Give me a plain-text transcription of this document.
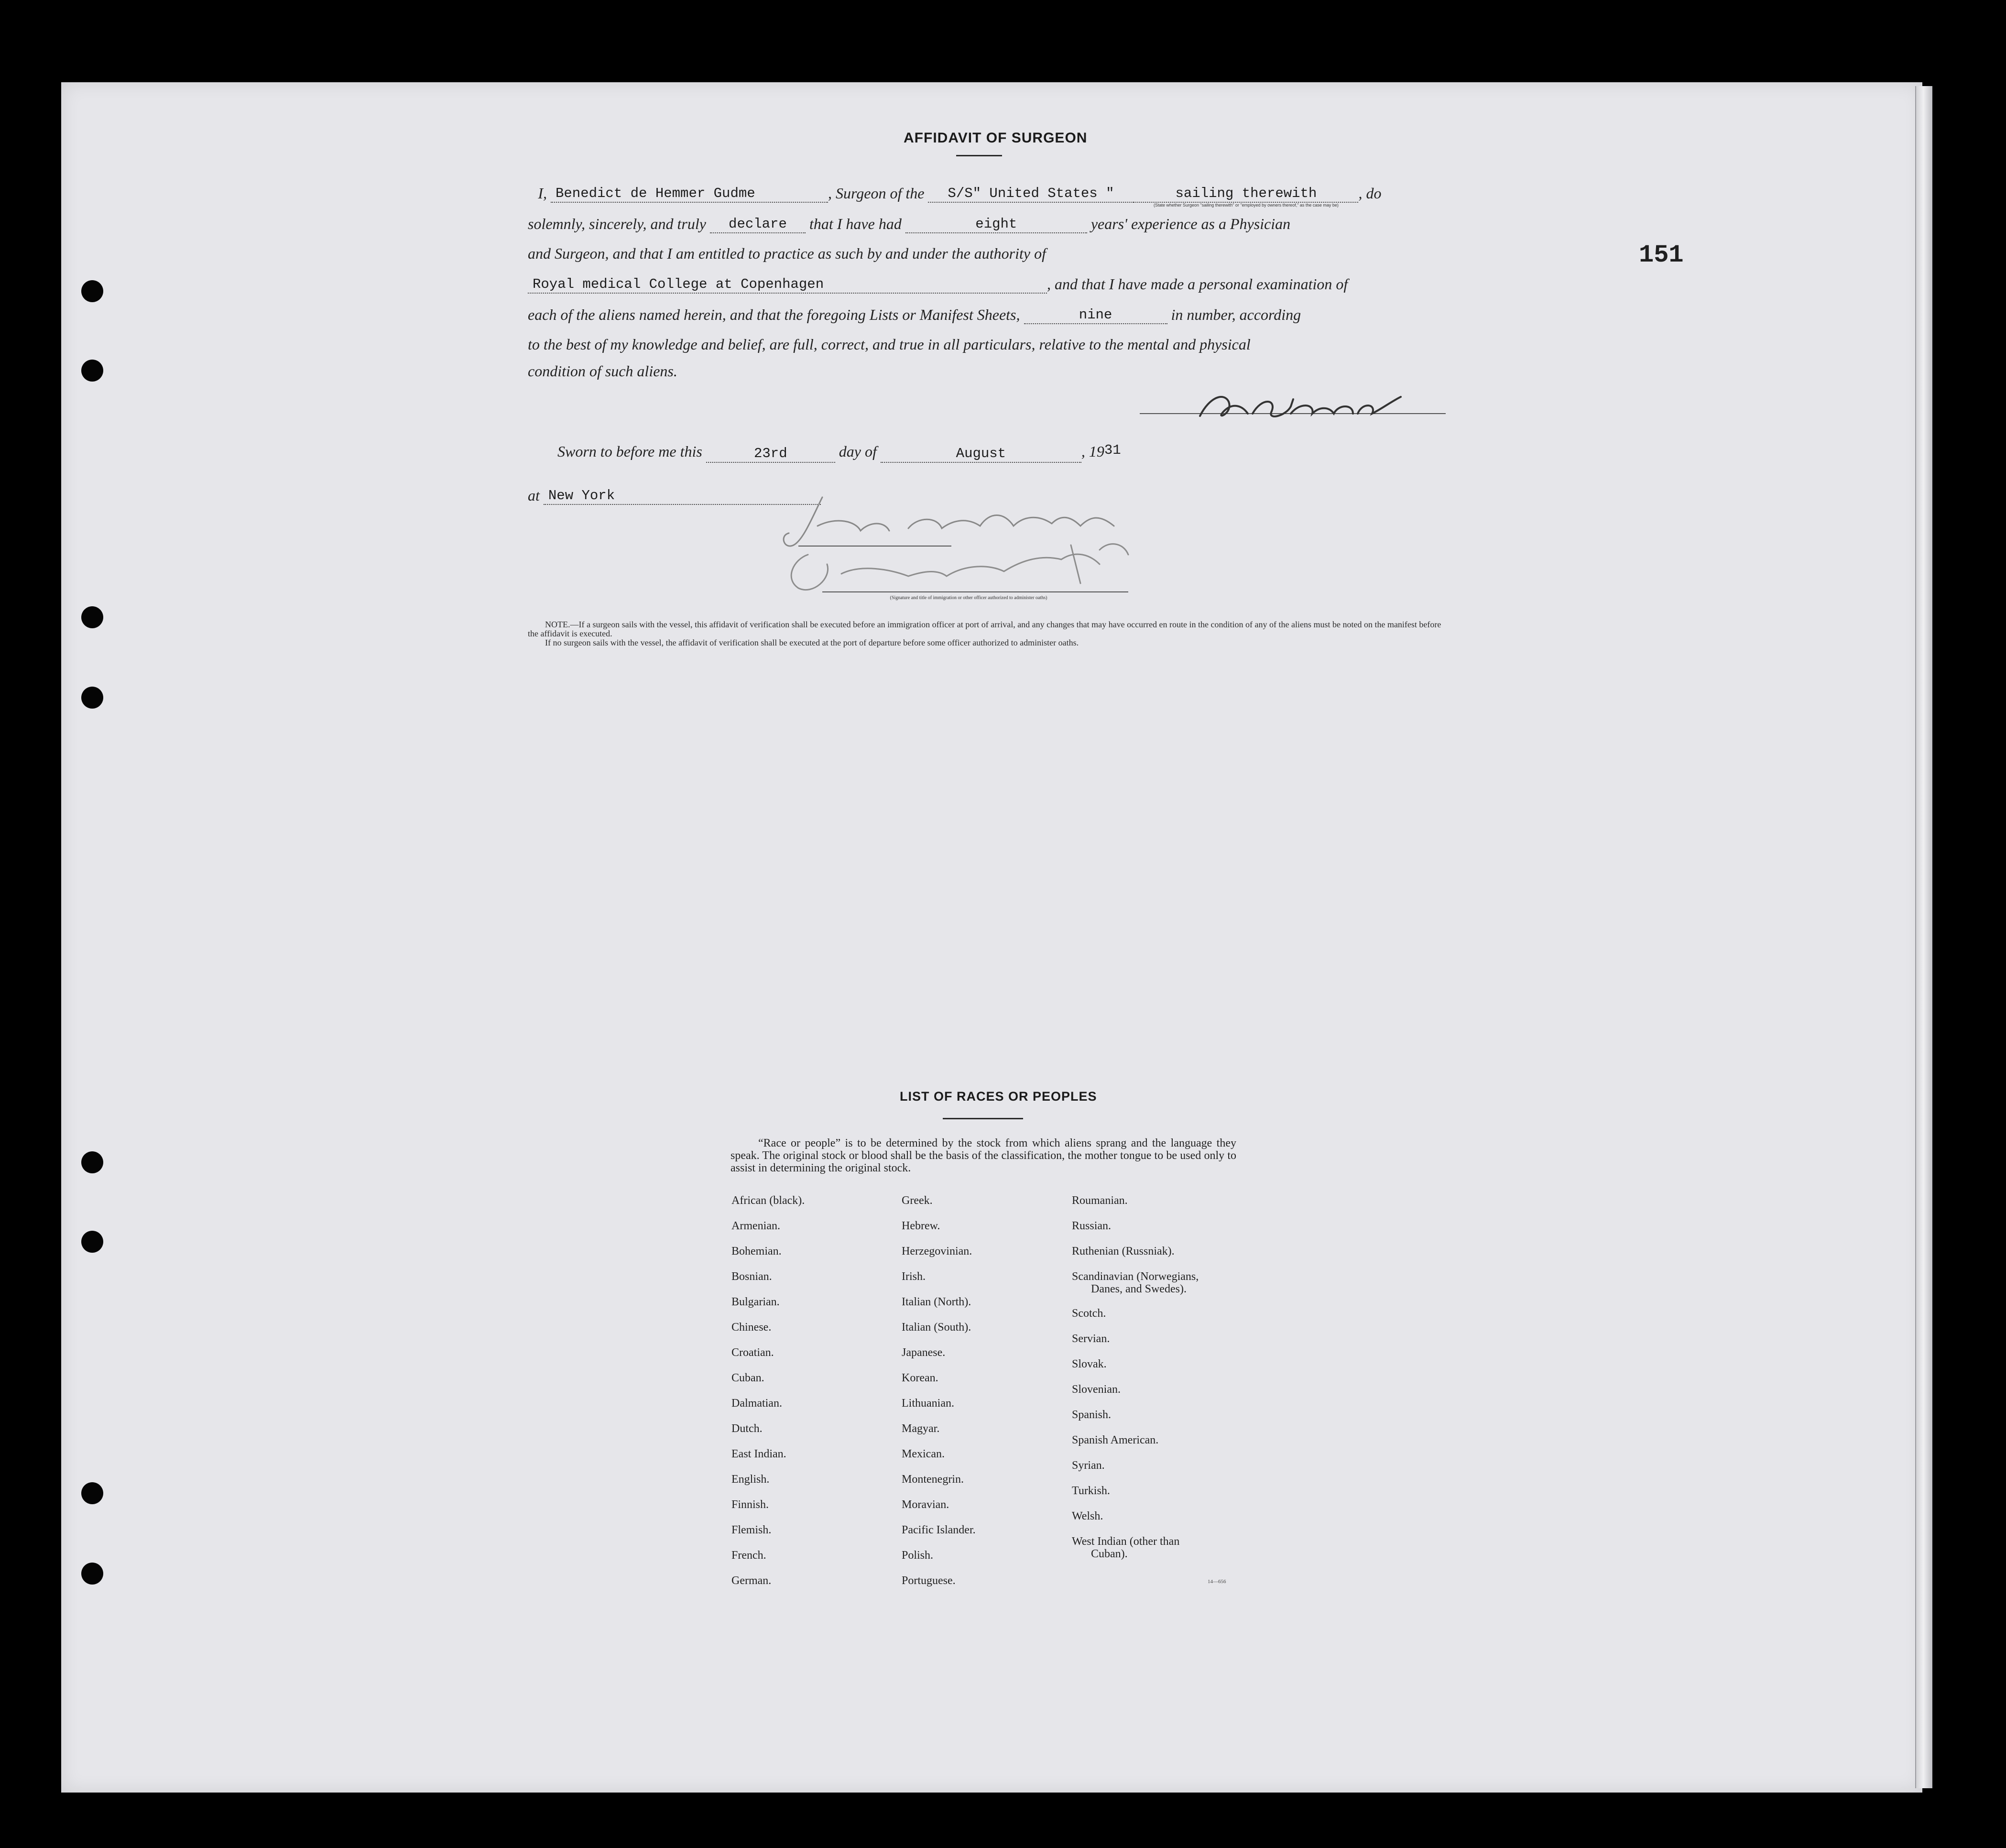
151
AFFIDAVIT OF SURGEON
I, Benedict de Hemmer Gudme	, Surgeon of the S/S" United States "	sailing therewith
(State whether Surgeon "sailing therewith" or "employed by owners thereof," as the case may be)
, do
solemnly, sincerely, and truly declare that I have had	eight	years' experience as a Physician
and Surgeon, and that I am entitled to practice as such by and under the authority of
Royal medical College at Copenhagen	, and that I have made a personal examination of
each of the aliens named herein, and that the foregoing Lists or Manifest Sheets,	nine	in number, according
to the best of my knowledge and belief, are full, correct, and true in all particulars, relative to the mental and physical
condition of such aliens.
Sworn to before me this	23rd	day of	August	, 1931
at New York
(Signature and title of immigration or other officer authorized to administer oaths)
NOTE.—If a surgeon sails with the vessel, this affidavit of verification shall be executed before an immigration officer at port of arrival, and any changes that may have occurred en route in the condition of any of the aliens must be noted on the manifest before the affidavit is executed.
If no surgeon sails with the vessel, the affidavit of verification shall be executed at the port of departure before some officer authorized to administer oaths.
LIST OF RACES OR PEOPLES
“Race or people” is to be determined by the stock from which aliens sprang and the language they speak. The original stock or blood shall be the basis of the classification, the mother tongue to be used only to assist in determining the original stock.
African (black).
Armenian.
Bohemian.
Bosnian.
Bulgarian.
Chinese.
Croatian.
Cuban.
Dalmatian.
Dutch.
East Indian.
English.
Finnish.
Flemish.
French.
German.
Greek.
Hebrew.
Herzegovinian.
Irish.
Italian (North).
Italian (South).
Japanese.
Korean.
Lithuanian.
Magyar.
Mexican.
Montenegrin.
Moravian.
Pacific Islander.
Polish.
Portuguese.
Roumanian.
Russian.
Ruthenian (Russniak).
Scandinavian (Norwegians,
Danes, and Swedes).
Scotch.
Servian.
Slovak.
Slovenian.
Spanish.
Spanish American.
Syrian.
Turkish.
Welsh.
West Indian (other than
Cuban).
14—656
